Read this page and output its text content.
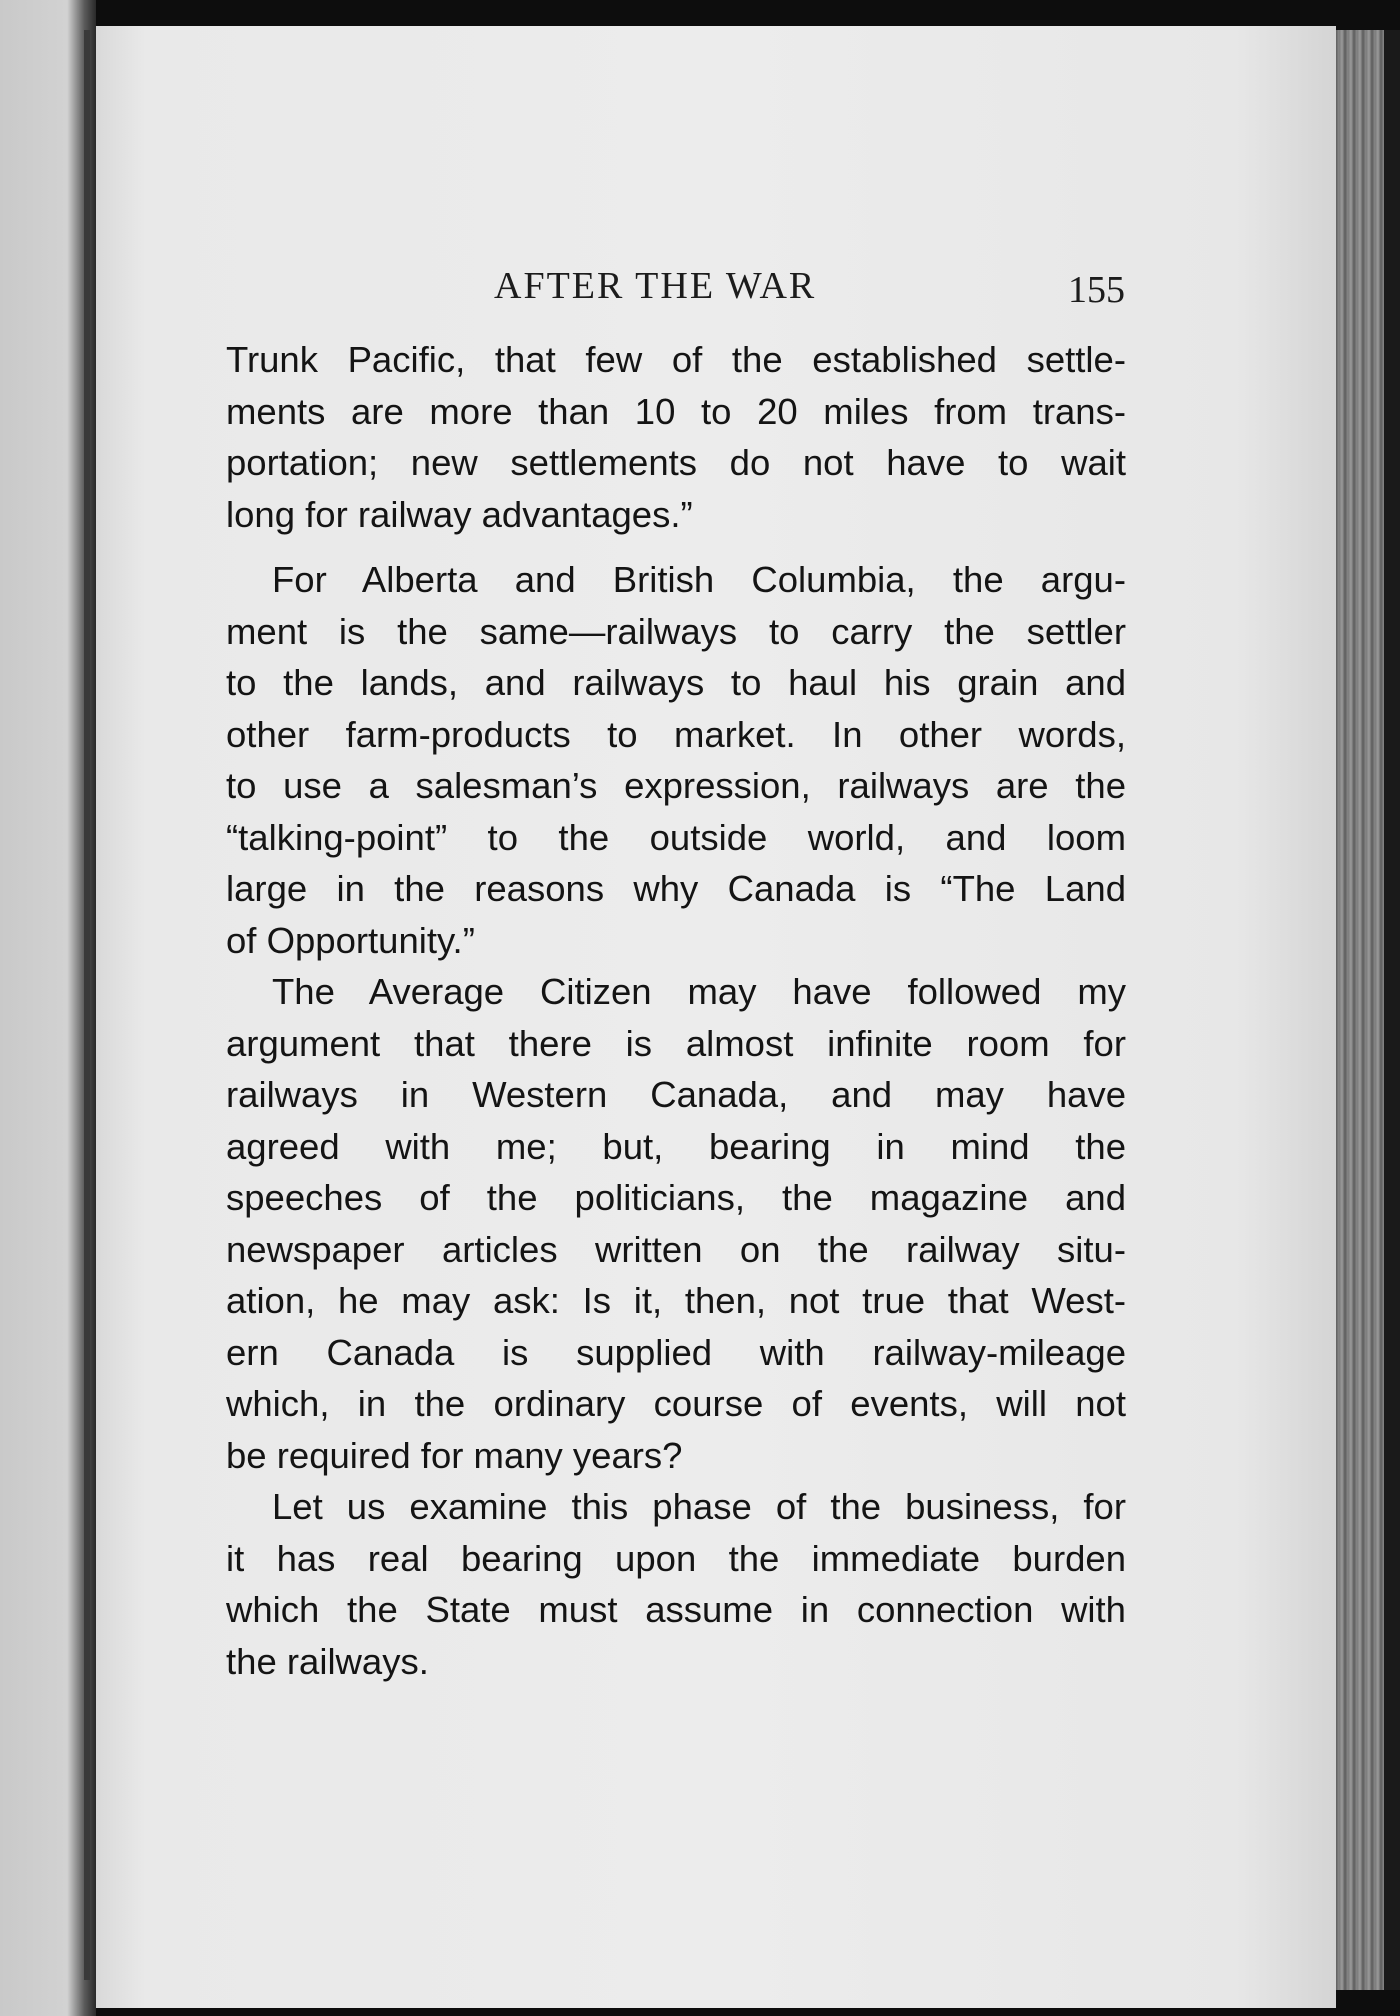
AFTER THE WAR	155
Trunk Pacific, that few of the established settle-
ments are more than 10 to 20 miles from trans-
portation; new settlements do not have to wait
long for railway advantages.”
For Alberta and British Columbia, the argu-
ment is the same—railways to carry the settler
to the lands, and railways to haul his grain and
other farm-products to market. In other words,
to use a salesman’s expression, railways are the
“talking-point” to the outside world, and loom
large in the reasons why Canada is “The Land
of Opportunity.”
The Average Citizen may have followed my
argument that there is almost infinite room for
railways in Western Canada, and may have
agreed with me; but, bearing in mind the
speeches of the politicians, the magazine and
newspaper articles written on the railway situ-
ation, he may ask: Is it, then, not true that West-
ern Canada is supplied with railway-mileage
which, in the ordinary course of events, will not
be required for many years?
Let us examine this phase of the business, for
it has real bearing upon the immediate burden
which the State must assume in connection with
the railways.
